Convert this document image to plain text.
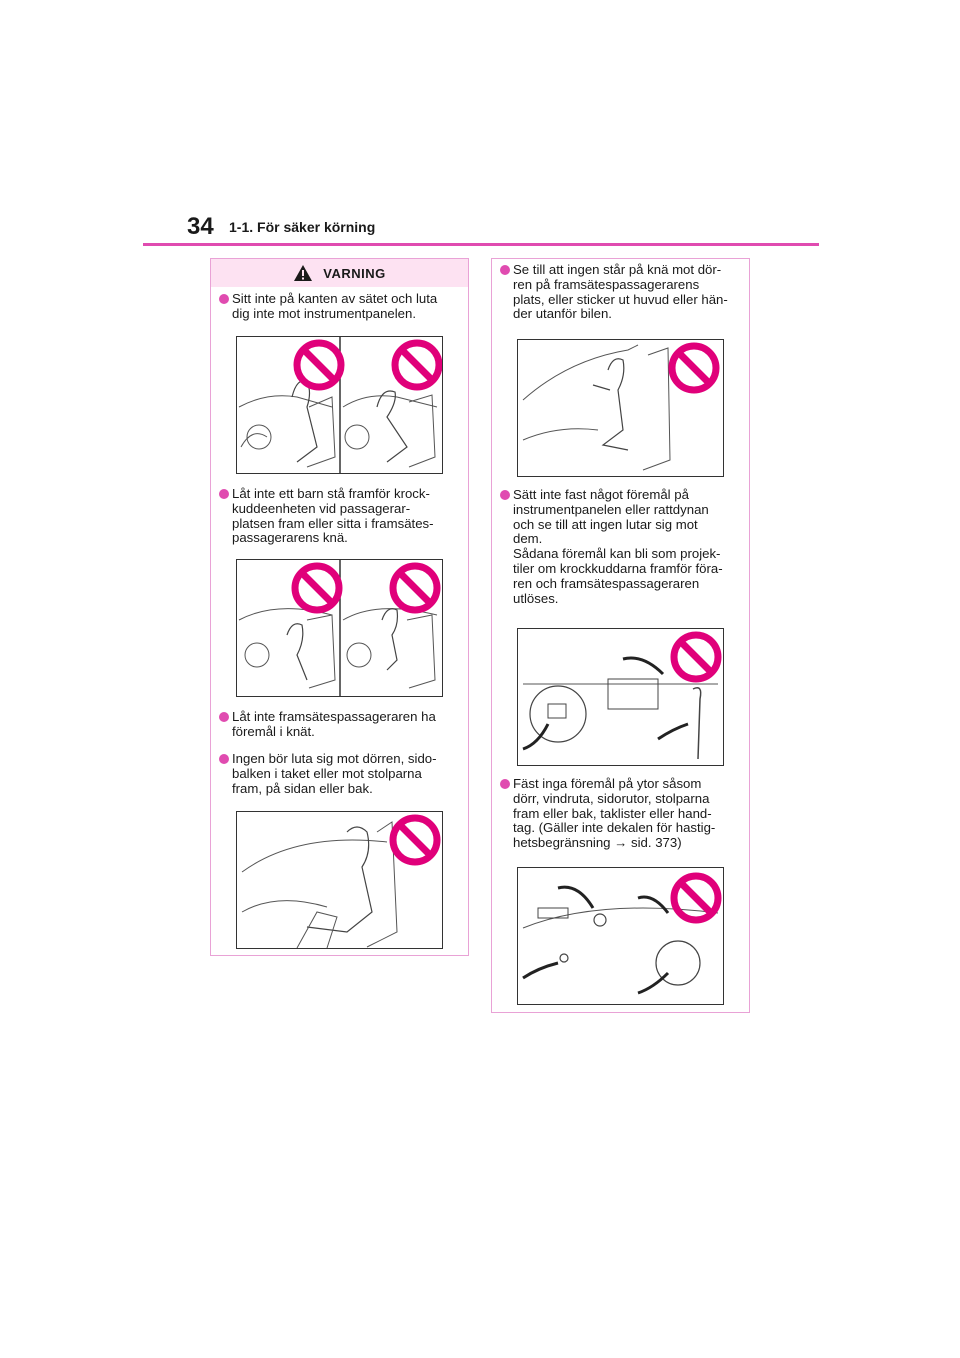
34 1-1. För säker körning
VARNING
Sitt inte på kanten av sätet och luta
dig inte mot instrumentpanelen.
Låt inte ett barn stå framför krock-
kuddeenheten vid passagerar-
platsen fram eller sitta i framsätes-
passagerarens knä.
Låt inte framsätespassageraren ha
föremål i knät.
Ingen bör luta sig mot dörren, sido-
balken i taket eller mot stolparna
fram, på sidan eller bak.
Se till att ingen står på knä mot dör-
ren på framsätespassagerarens
plats, eller sticker ut huvud eller hän-
der utanför bilen.
Sätt inte fast något föremål på
instrumentpanelen eller rattdynan
och se till att ingen lutar sig mot
dem.
Sådana föremål kan bli som projek-
tiler om krockkuddarna framför föra-
ren och framsätespassageraren
utlöses.
Fäst inga föremål på ytor såsom
dörr, vindruta, sidorutor, stolparna
fram eller bak, taklister eller hand-
tag. (Gäller inte dekalen för hastig-
hetsbegränsning → sid. 373)
